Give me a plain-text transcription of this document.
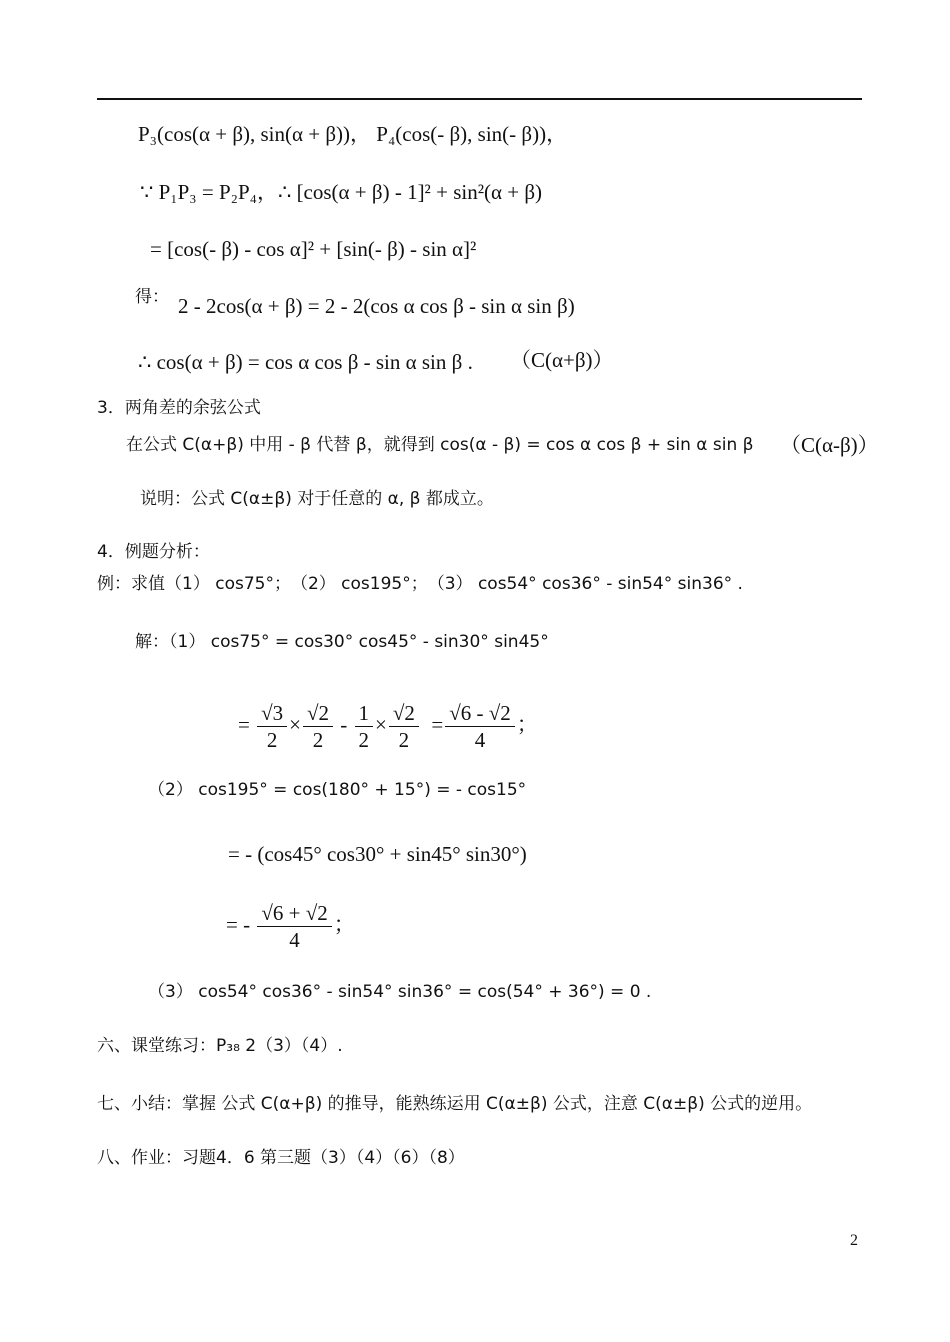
P₃(cos(α + β), sin(α + β))， P₄(cos(- β), sin(- β))，
∵ P₁P₃ = P₂P₄，∴ [cos(α + β) - 1]² + sin²(α + β)
= [cos(- β) - cos α]² + [sin(- β) - sin α]²
得： 2 - 2cos(α + β) = 2 - 2(cos α cos β - sin α sin β)
∴ cos(α + β) = cos α cos β - sin α sin β . （C(α+β)）
3．两角差的余弦公式
在公式 C(α+β) 中用 - β 代替 β，就得到 cos(α - β) = cos α cos β + sin α sin β （C(α-β)）
说明：公式 C(α±β) 对于任意的 α, β 都成立。
4．例题分析：
例：求值（1） cos75°；　（2） cos195°；　（3） cos54° cos36° - sin54° sin36° .
解：（1） cos75° = cos30° cos45° - sin30° sin45°
= $\frac{√3}{2} \times \frac{√2}{2} - \frac{1}{2} \times \frac{√2}{2} = \frac{√6 - √2}{4}$ ；
（2） cos195° = cos(180° + 15°) = - cos15°
= - (cos45° cos30° + sin45° sin30°)
= - $\frac{√6 + √2}{4}$ ；
（3） cos54° cos36° - sin54° sin36° = cos(54° + 36°) = 0 .
六、课堂练习：P₃₈ 2（3）（4）.
七、小结：掌握 公式 C(α+β) 的推导，能熟练运用 C(α±β) 公式，注意 C(α±β) 公式的逆用。
八、作业：习题4．6 第三题（3）（4）（6）（8）
2
